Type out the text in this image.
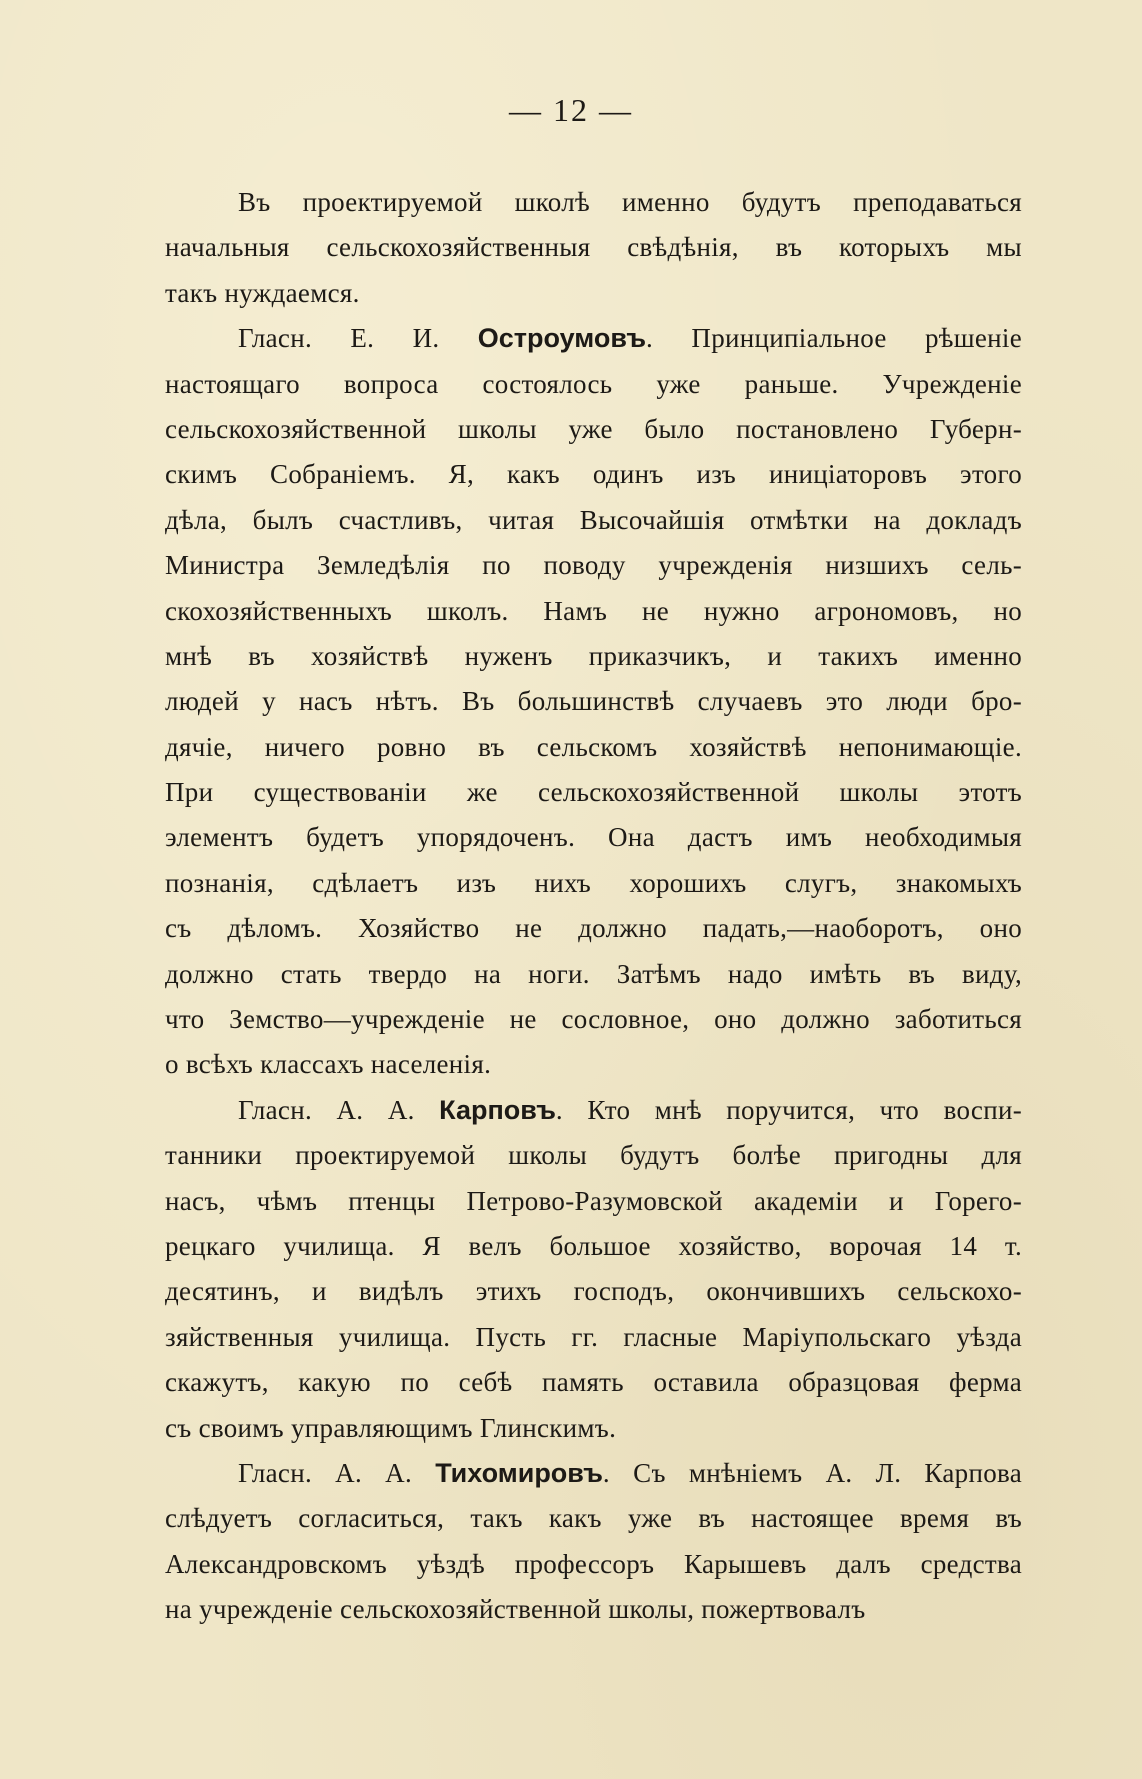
— 12 —
Въ проектируемой школѣ именно будутъ преподаваться
начальныя сельскохозяйственныя свѣдѣнія, въ которыхъ мы
такъ нуждаемся.
Гласн. Е. И. Остроумовъ. Принципіальное рѣшеніе
настоящаго вопроса состоялось уже раньше. Учрежденіе
сельскохозяйственной школы уже было постановлено Губерн-
скимъ Собраніемъ. Я, какъ одинъ изъ иниціаторовъ этого
дѣла, былъ счастливъ, читая Высочайшiя отмѣтки на докладъ
Министра Земледѣлія по поводу учрежденія низшихъ сель-
скохозяйственныхъ школъ. Намъ не нужно агрономовъ, но
мнѣ въ хозяйствѣ нуженъ приказчикъ, и такихъ именно
людей у насъ нѣтъ. Въ большинствѣ случаевъ это люди бро-
дячіе, ничего ровно въ сельскомъ хозяйствѣ непонимающіе.
При существованіи же сельскохозяйственной школы этотъ
элементъ будетъ упорядоченъ. Она дастъ имъ необходимыя
познанія, сдѣлаетъ изъ нихъ хорошихъ слугъ, знакомыхъ
съ дѣломъ. Хозяйство не должно падать,—наоборотъ, оно
должно стать твердо на ноги. Затѣмъ надо имѣть въ виду,
что Земство—учрежденіе не сословное, оно должно заботиться
о всѣхъ классахъ населенія.
Гласн. А. А. Карповъ. Кто мнѣ поручится, что воспи-
танники проектируемой школы будутъ болѣе пригодны для
насъ, чѣмъ птенцы Петрово-Разумовской академіи и Горего-
рецкаго училища. Я велъ большое хозяйство, ворочая 14 т.
десятинъ, и видѣлъ этихъ господъ, окончившихъ сельскохо-
зяйственныя училища. Пусть гг. гласные Маріупольскаго уѣзда
скажутъ, какую по себѣ память оставила образцовая ферма
съ своимъ управляющимъ Глинскимъ.
Гласн. А. А. Тихомировъ. Съ мнѣніемъ А. Л. Карпова
слѣдуетъ согласиться, такъ какъ уже въ настоящее время въ
Александровскомъ уѣздѣ профессоръ Карышевъ далъ средства
на учрежденіе сельскохозяйственной школы, пожертвовалъ
